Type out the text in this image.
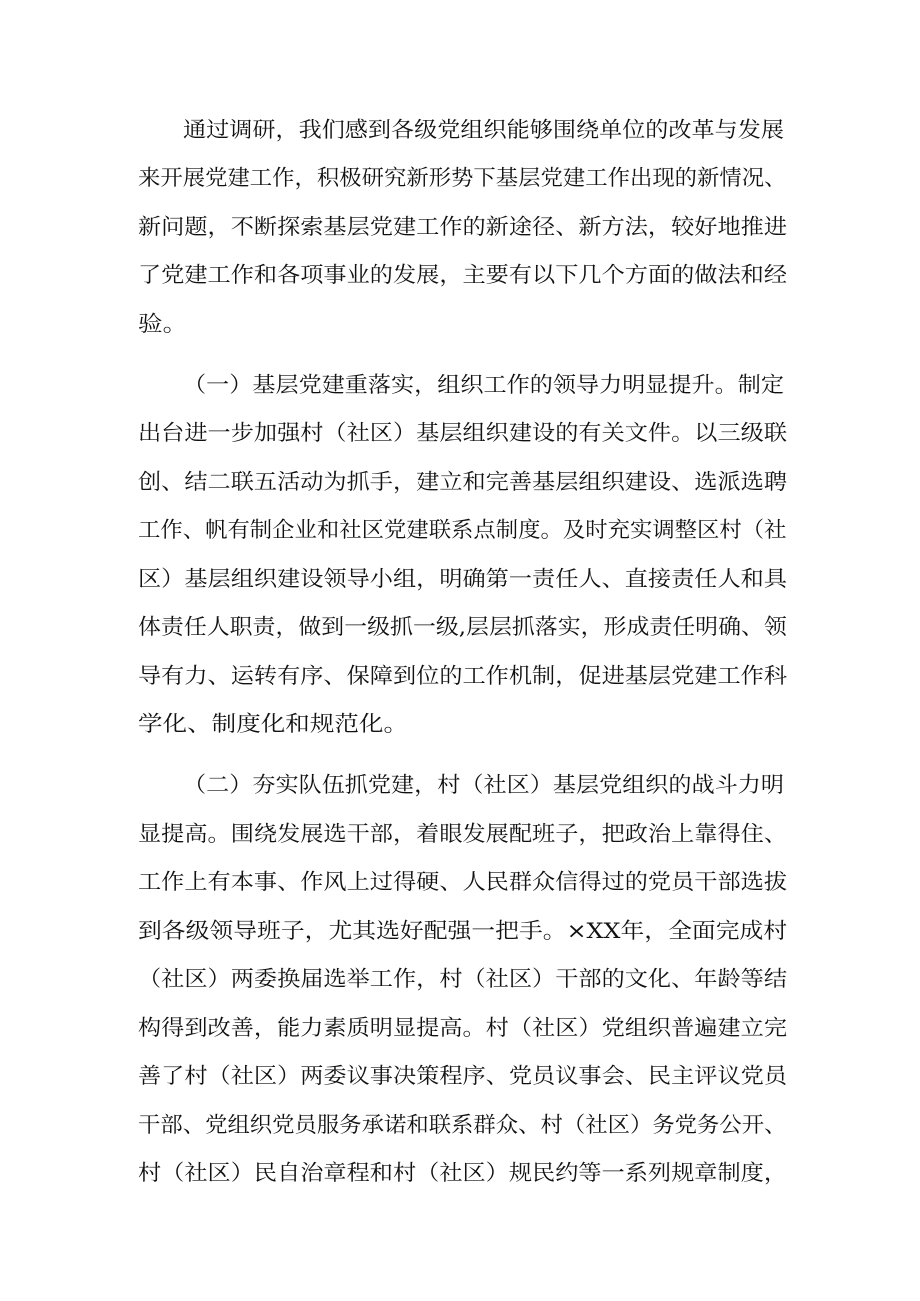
通过调研，我们感到各级党组织能够围绕单位的改革与发展
来开展党建工作，积极研究新形势下基层党建工作出现的新情况、
新问题，不断探索基层党建工作的新途径、新方法，较好地推进
了党建工作和各项事业的发展，主要有以下几个方面的做法和经
验。
（一）基层党建重落实，组织工作的领导力明显提升。制定
出台进一步加强村（社区）基层组织建设的有关文件。以三级联
创、结二联五活动为抓手，建立和完善基层组织建设、选派选聘
工作、帆有制企业和社区党建联系点制度。及时充实调整区村（社
区）基层组织建设领导小组，明确第一责任人、直接责任人和具
体责任人职责，做到一级抓一级,层层抓落实，形成责任明确、领
导有力、运转有序、保障到位的工作机制，促进基层党建工作科
学化、制度化和规范化。
（二）夯实队伍抓党建，村（社区）基层党组织的战斗力明
显提高。围绕发展选干部，着眼发展配班子，把政治上靠得住、
工作上有本事、作风上过得硬、人民群众信得过的党员干部选拔
到各级领导班子，尤其选好配强一把手。×XX年，全面完成村
（社区）两委换届选举工作，村（社区）干部的文化、年龄等结
构得到改善，能力素质明显提高。村（社区）党组织普遍建立完
善了村（社区）两委议事决策程序、党员议事会、民主评议党员
干部、党组织党员服务承诺和联系群众、村（社区）务党务公开、
村（社区）民自治章程和村（社区）规民约等一系列规章制度，
